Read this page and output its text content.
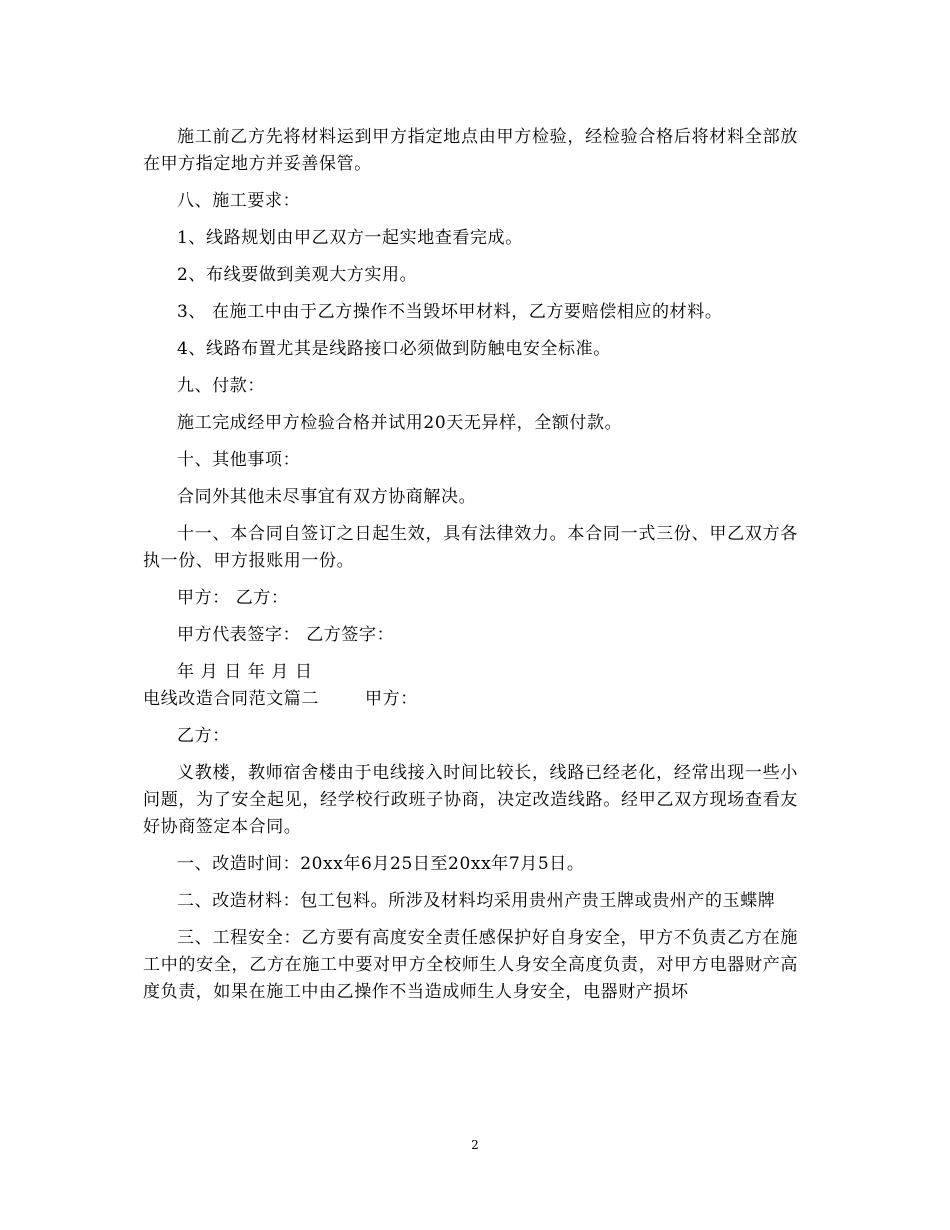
施工前乙方先将材料运到甲方指定地点由甲方检验，经检验合格后将材料全部放在甲方指定地方并妥善保管。

八、施工要求：

1、线路规划由甲乙双方一起实地查看完成。

2、布线要做到美观大方实用。

3、 在施工中由于乙方操作不当毁坏甲材料，乙方要赔偿相应的材料。

4、线路布置尤其是线路接口必须做到防触电安全标准。

九、付款：

施工完成经甲方检验合格并试用20天无异样，全额付款。

十、其他事项：

合同外其他未尽事宜有双方协商解决。

十一、本合同自签订之日起生效，具有法律效力。本合同一式三份、甲乙双方各执一份、甲方报账用一份。

甲方： 乙方：

甲方代表签字： 乙方签字：

年 月 日 年 月 日

电线改造合同范文篇二	甲方：

乙方：

义教楼，教师宿舍楼由于电线接入时间比较长，线路已经老化，经常出现一些小问题，为了安全起见，经学校行政班子协商，决定改造线路。经甲乙双方现场查看友好协商签定本合同。

一、改造时间：20xx年6月25日至20xx年7月5日。

二、改造材料：包工包料。所涉及材料均采用贵州产贵王牌或贵州产的玉蝶牌

三、工程安全：乙方要有高度安全责任感保护好自身安全，甲方不负责乙方在施工中的安全，乙方在施工中要对甲方全校师生人身安全高度负责，对甲方电器财产高度负责，如果在施工中由乙操作不当造成师生人身安全，电器财产损坏

2
